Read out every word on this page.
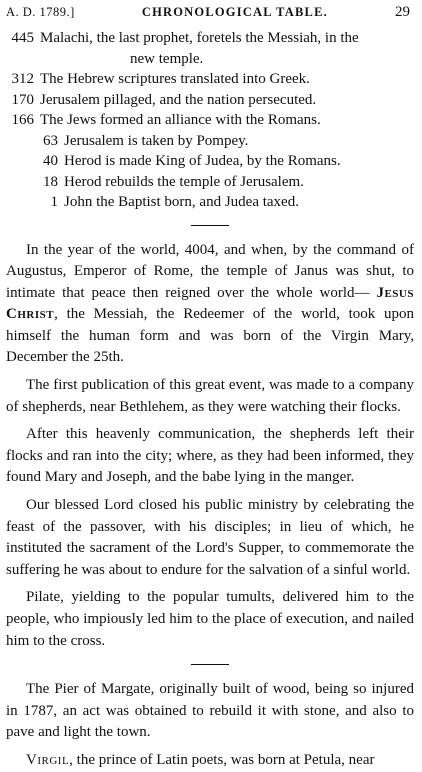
A. D. 1789.]	CHRONOLOGICAL TABLE.	29
445 Malachi, the last prophet, foretels the Messiah, in the
new temple.
312 The Hebrew scriptures translated into Greek.
170 Jerusalem pillaged, and the nation persecuted.
166 The Jews formed an alliance with the Romans.
63 Jerusalem is taken by Pompey.
40 Herod is made King of Judea, by the Romans.
18 Herod rebuilds the temple of Jerusalem.
1 John the Baptist born, and Judea taxed.

In the year of the world, 4004, and when, by the command of Augustus, Emperor of Rome, the temple of Janus was shut, to intimate that peace then reigned over the whole world— Jesus Christ, the Messiah, the Redeemer of the world, took upon himself the human form and was born of the Virgin Mary, December the 25th.

The first publication of this great event, was made to a company of shepherds, near Bethlehem, as they were watching their flocks.

After this heavenly communication, the shepherds left their flocks and ran into the city; where, as they had been informed, they found Mary and Joseph, and the babe lying in the manger.

Our blessed Lord closed his public ministry by celebrating the feast of the passover, with his disciples; in lieu of which, he instituted the sacrament of the Lord's Supper, to commemorate the suffering he was about to endure for the salvation of a sinful world.

Pilate, yielding to the popular tumults, delivered him to the people, who impiously led him to the place of execution, and nailed him to the cross.

The Pier of Margate, originally built of wood, being so injured in 1787, an act was obtained to rebuild it with stone, and also to pave and light the town.

Virgil, the prince of Latin poets, was born at Petula, near
